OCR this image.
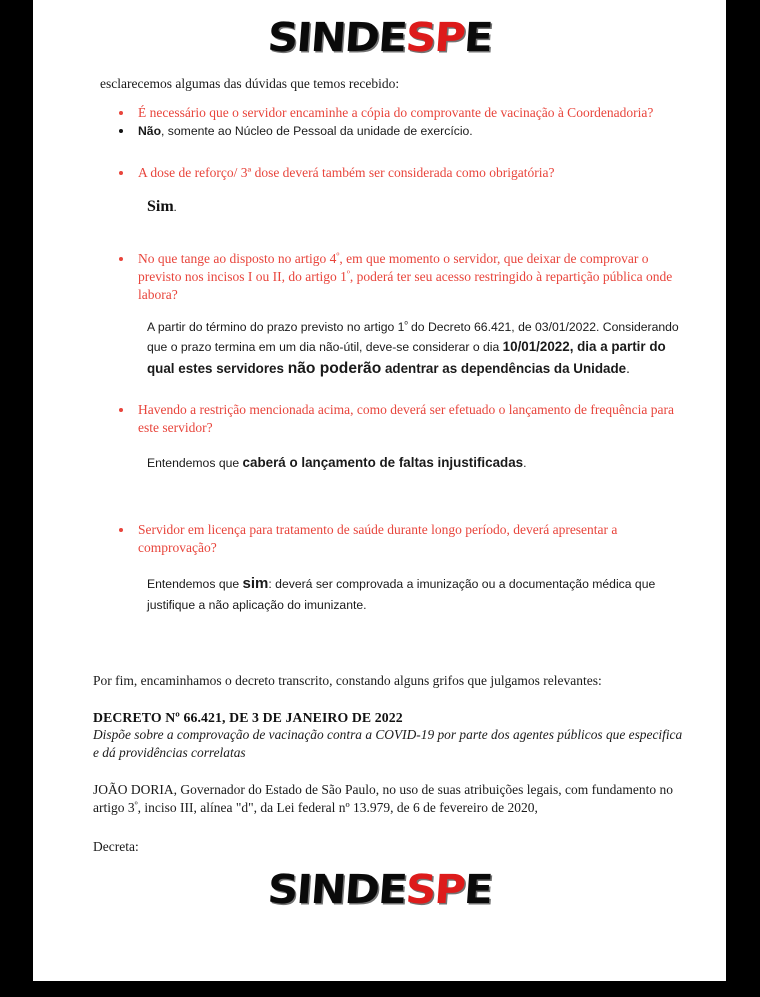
SINDESPE

esclarecemos algumas das dúvidas que temos recebido:

É necessário que o servidor encaminhe a cópia do comprovante de vacinação à Coordenadoria?
Não, somente ao Núcleo de Pessoal da unidade de exercício.
A dose de reforço/ 3ª dose deverá também ser considerada como obrigatória?
Sim.
No que tange ao disposto no artigo $4^º$, em que momento o servidor, que deixar de comprovar o previsto nos incisos I ou II, do artigo $1^º$, poderá ter seu acesso restringido à repartição pública onde labora?
A partir do término do prazo previsto no artigo $1^º$ do Decreto 66.421, de 03/01/2022. Considerando que o prazo termina em um dia não-útil, deve-se considerar o dia 10/01/2022, dia a partir do qual estes servidores não poderão adentrar as dependências da Unidade.
Havendo a restrição mencionada acima, como deverá ser efetuado o lançamento de frequência para este servidor?
Entendemos que caberá o lançamento de faltas injustificadas.
Servidor em licença para tratamento de saúde durante longo período, deverá apresentar a comprovação?
Entendemos que sim: deverá ser comprovada a imunização ou a documentação médica que justifique a não aplicação do imunizante.

Por fim, encaminhamos o decreto transcrito, constando alguns grifos que julgamos relevantes:

DECRETO Nº 66.421, DE 3 DE JANEIRO DE 2022

Dispõe sobre a comprovação de vacinação contra a COVID-19 por parte dos agentes públicos que especifica e dá providências correlatas

JOÃO DORIA, Governador do Estado de São Paulo, no uso de suas atribuições legais, com fundamento no artigo $3^º$, inciso III, alínea "d", da Lei federal nº 13.979, de 6 de fevereiro de 2020,

Decreta:

SINDESPE
